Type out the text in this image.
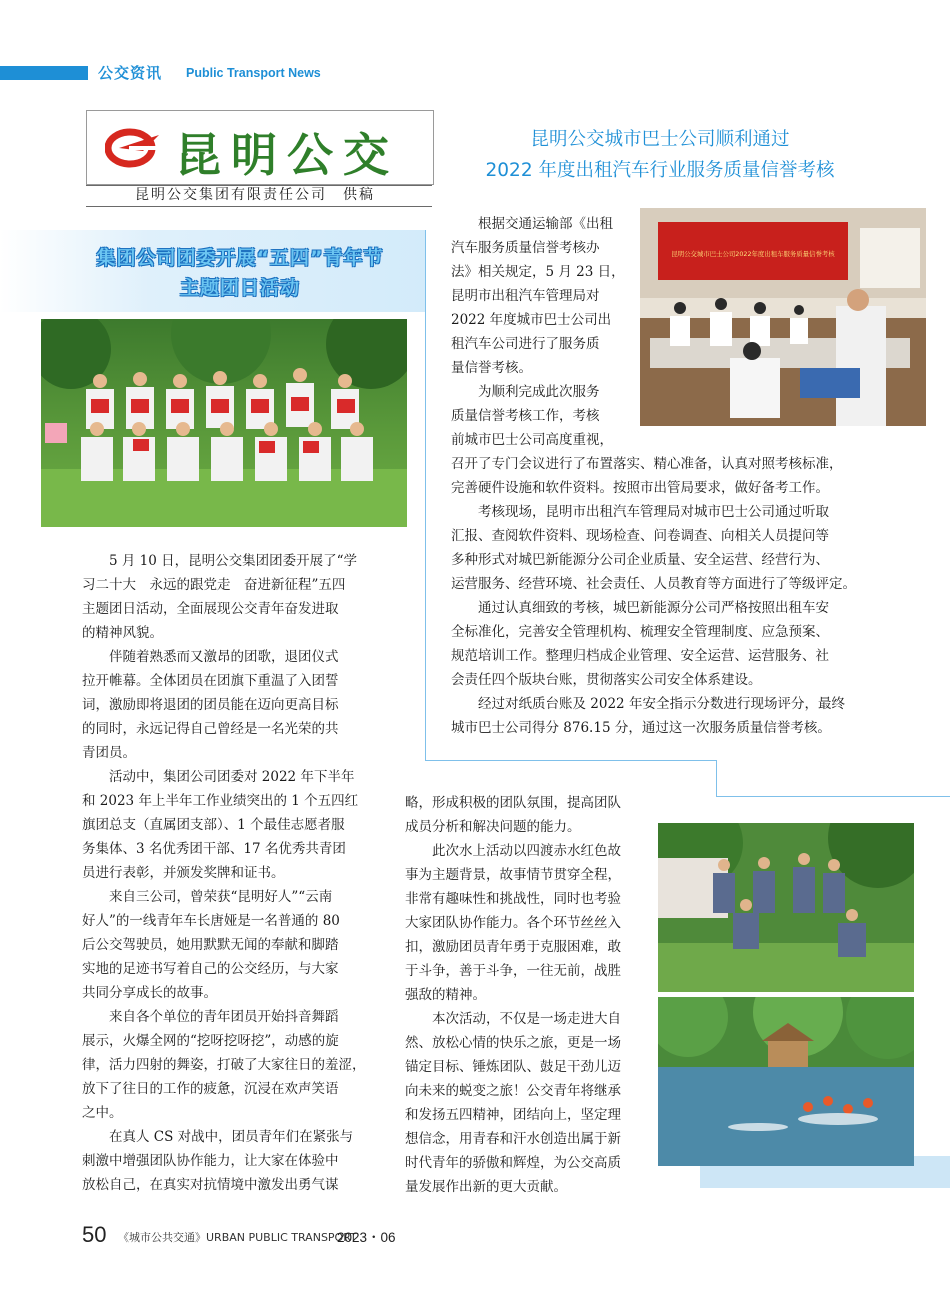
公交资讯 Public Transport News
昆明公交
昆明公交集团有限责任公司　供稿
昆明公交城市巴士公司顺利通过
2022 年度出租汽车行业服务质量信誉考核
集团公司团委开展“五四”青年节
主题团日活动
昆明公交城市巴士公司2022年度出租车服务质量信誉考核
根据交通运输部《出租
汽车服务质量信誉考核办
法》相关规定，5 月 23 日，
昆明市出租汽车管理局对
2022 年度城市巴士公司出
租汽车公司进行了服务质
量信誉考核。
为顺利完成此次服务
质量信誉考核工作，考核
前城市巴士公司高度重视，
召开了专门会议进行了布置落实、精心准备，认真对照考核标准，
完善硬件设施和软件资料。按照市出管局要求，做好备考工作。
考核现场，昆明市出租汽车管理局对城市巴士公司通过听取
汇报、查阅软件资料、现场检查、问卷调查、向相关人员提问等
多种形式对城巴新能源分公司企业质量、安全运营、经营行为、
运营服务、经营环境、社会责任、人员教育等方面进行了等级评定。
通过认真细致的考核，城巴新能源分公司严格按照出租车安
全标准化，完善安全管理机构、梳理安全管理制度、应急预案、
规范培训工作。整理归档成企业管理、安全运营、运营服务、社
会责任四个版块台账，贯彻落实公司安全体系建设。
经过对纸质台账及 2022 年安全指示分数进行现场评分，最终
城市巴士公司得分 876.15 分，通过这一次服务质量信誉考核。
5 月 10 日，昆明公交集团团委开展了“学
习二十大　永远的跟党走　奋进新征程”五四
主题团日活动，全面展现公交青年奋发进取
的精神风貌。
伴随着熟悉而又激昂的团歌，退团仪式
拉开帷幕。全体团员在团旗下重温了入团誓
词，激励即将退团的团员能在迈向更高目标
的同时，永远记得自己曾经是一名光荣的共
青团员。
活动中，集团公司团委对 2022 年下半年
和 2023 年上半年工作业绩突出的 1 个五四红
旗团总支（直属团支部）、1 个最佳志愿者服
务集体、3 名优秀团干部、17 名优秀共青团
员进行表彰，并颁发奖牌和证书。
来自三公司，曾荣获“昆明好人”“云南
好人”的一线青年车长唐娅是一名普通的 80
后公交驾驶员，她用默默无闻的奉献和脚踏
实地的足迹书写着自己的公交经历，与大家
共同分享成长的故事。
来自各个单位的青年团员开始抖音舞蹈
展示，火爆全网的“挖呀挖呀挖”，动感的旋
律，活力四射的舞姿，打破了大家往日的羞涩，
放下了往日的工作的疲惫，沉浸在欢声笑语
之中。
在真人 CS 对战中，团员青年们在紧张与
刺激中增强团队协作能力，让大家在体验中
放松自己，在真实对抗情境中激发出勇气谋
略，形成积极的团队氛围，提高团队
成员分析和解决问题的能力。
此次水上活动以四渡赤水红色故
事为主题背景，故事情节贯穿全程，
非常有趣味性和挑战性，同时也考验
大家团队协作能力。各个环节丝丝入
扣，激励团员青年勇于克服困难，敢
于斗争，善于斗争，一往无前，战胜
强敌的精神。
本次活动，不仅是一场走进大自
然、放松心情的快乐之旅，更是一场
锚定目标、锤炼团队、鼓足干劲儿迈
向未来的蜕变之旅！公交青年将继承
和发扬五四精神，团结向上，坚定理
想信念，用青春和汗水创造出属于新
时代青年的骄傲和辉煌，为公交高质
量发展作出新的更大贡献。
50 《城市公共交通》URBAN PUBLIC TRANSPORT
2023・06
